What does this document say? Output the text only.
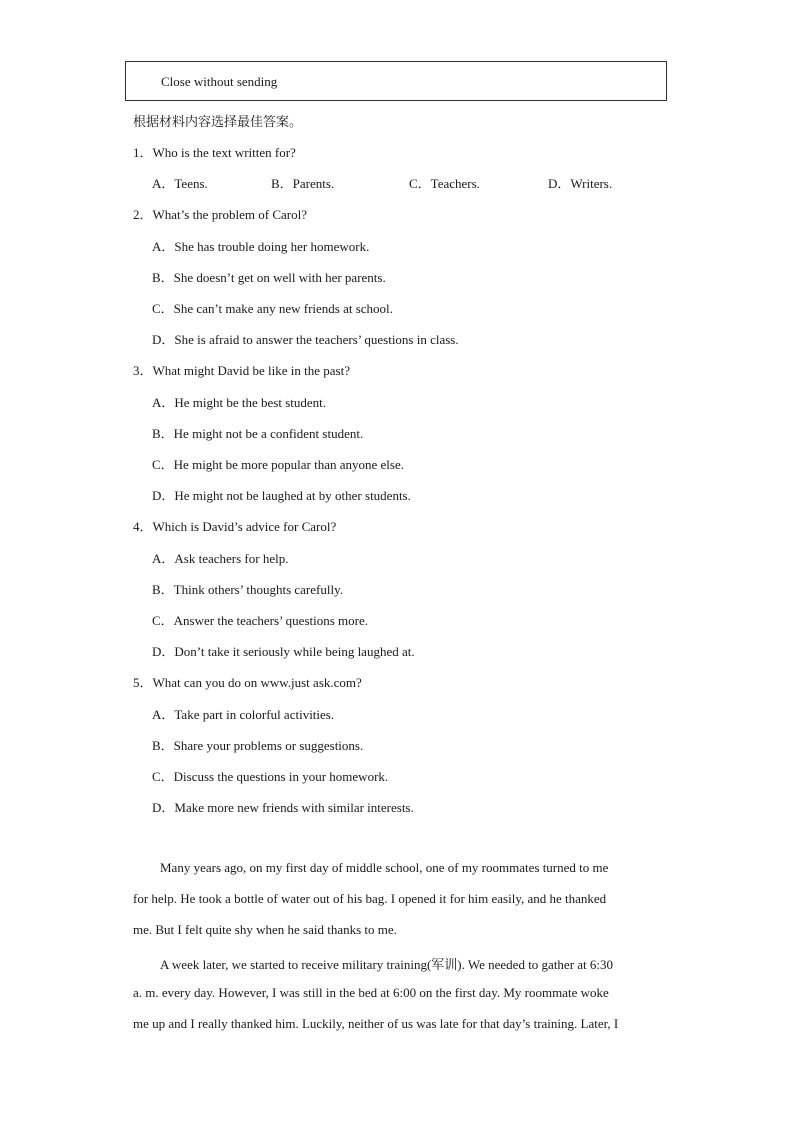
Close without sending
根据材料内容选择最佳答案。
1．Who is the text written for?
A．Teens.	B．Parents.	C．Teachers.	D．Writers.
2．What’s the problem of Carol?
A．She has trouble doing her homework.
B．She doesn’t get on well with her parents.
C．She can’t make any new friends at school.
D．She is afraid to answer the teachers’ questions in class.
3．What might David be like in the past?
A．He might be the best student.
B．He might not be a confident student.
C．He might be more popular than anyone else.
D．He might not be laughed at by other students.
4．Which is David’s advice for Carol?
A．Ask teachers for help.
B．Think others’ thoughts carefully.
C．Answer the teachers’ questions more.
D．Don’t take it seriously while being laughed at.
5．What can you do on www.just ask.com?
A．Take part in colorful activities.
B．Share your problems or suggestions.
C．Discuss the questions in your homework.
D．Make more new friends with similar interests.
Many years ago, on my first day of middle school, one of my roommates turned to me
for help. He took a bottle of water out of his bag. I opened it for him easily, and he thanked
me. But I felt quite shy when he said thanks to me.
A week later, we started to receive military training(军训). We needed to gather at 6:30
a. m. every day. However, I was still in the bed at 6:00 on the first day. My roommate woke
me up and I really thanked him. Luckily, neither of us was late for that day’s training. Later, I
